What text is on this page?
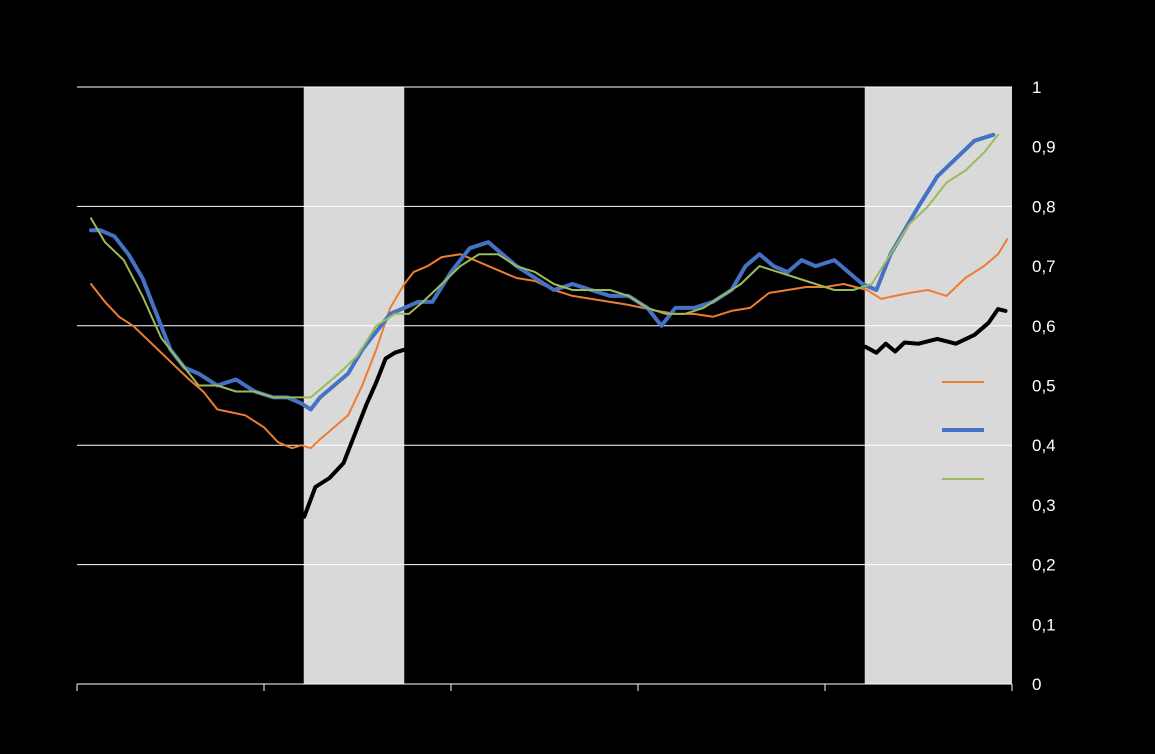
0
0,1
0,2
0,3
0,4
0,5
0,6
0,7
0,8
0,9
1
